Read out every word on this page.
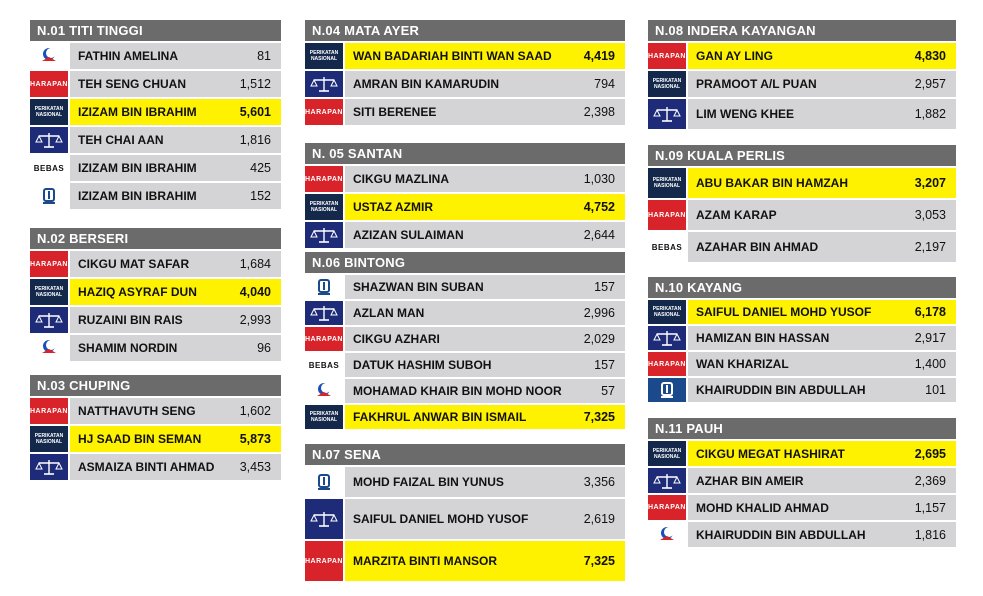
N.01 TITI TINGGI
FATHIN AMELINA	81
HARAPAN TEH SENG CHUAN	1,512
PERIKATAN NASIONAL	IZIZAM BIN IBRAHIM	5,601
TEH CHAI AAN	1,816
BEBAS	IZIZAM BIN IBRAHIM	425
IZIZAM BIN IBRAHIM	152
N.02 BERSERI
HARAPAN CIKGU MAT SAFAR	1,684
PERIKATAN NASIONAL	HAZIQ ASYRAF DUN	4,040
RUZAINI BIN RAIS	2,993
SHAMIM NORDIN	96
N.03 CHUPING
HARAPAN NATTHAVUTH SENG	1,602
PERIKATAN NASIONAL	HJ SAAD BIN SEMAN	5,873
ASMAIZA BINTI AHMAD	3,453
N.04 MATA AYER
PERIKATAN NASIONAL	WAN BADARIAH BINTI WAN SAAD	4,419
AMRAN BIN KAMARUDIN	794
HARAPAN SITI BERENEE	2,398
N. 05 SANTAN
HARAPAN CIKGU MAZLINA	1,030
PERIKATAN NASIONAL	USTAZ AZMIR	4,752
AZIZAN SULAIMAN	2,644
N.06 BINTONG
SHAZWAN BIN SUBAN	157
AZLAN MAN	2,996
HARAPAN CIKGU AZHARI	2,029
BEBAS	DATUK HASHIM SUBOH	157
MOHAMAD KHAIR BIN MOHD NOOR	57
PERIKATAN NASIONAL	FAKHRUL ANWAR BIN ISMAIL	7,325
N.07 SENA
MOHD FAIZAL BIN YUNUS	3,356
SAIFUL DANIEL MOHD YUSOF	2,619
HARAPAN MARZITA BINTI MANSOR	7,325
N.08 INDERA KAYANGAN
HARAPAN GAN AY LING	4,830
PERIKATAN NASIONAL	PRAMOOT A/L PUAN	2,957
LIM WENG KHEE	1,882
N.09 KUALA PERLIS
PERIKATAN NASIONAL	ABU BAKAR BIN HAMZAH	3,207
HARAPAN AZAM KARAP	3,053
BEBAS	AZAHAR BIN AHMAD	2,197
N.10 KAYANG
PERIKATAN NASIONAL	SAIFUL DANIEL MOHD YUSOF	6,178
HAMIZAN BIN HASSAN	2,917
HARAPAN WAN KHARIZAL	1,400
KHAIRUDDIN BIN ABDULLAH	101
N.11 PAUH
PERIKATAN NASIONAL	CIKGU MEGAT HASHIRAT	2,695
AZHAR BIN AMEIR	2,369
HARAPAN MOHD KHALID AHMAD	1,157
KHAIRUDDIN BIN ABDULLAH	1,816
